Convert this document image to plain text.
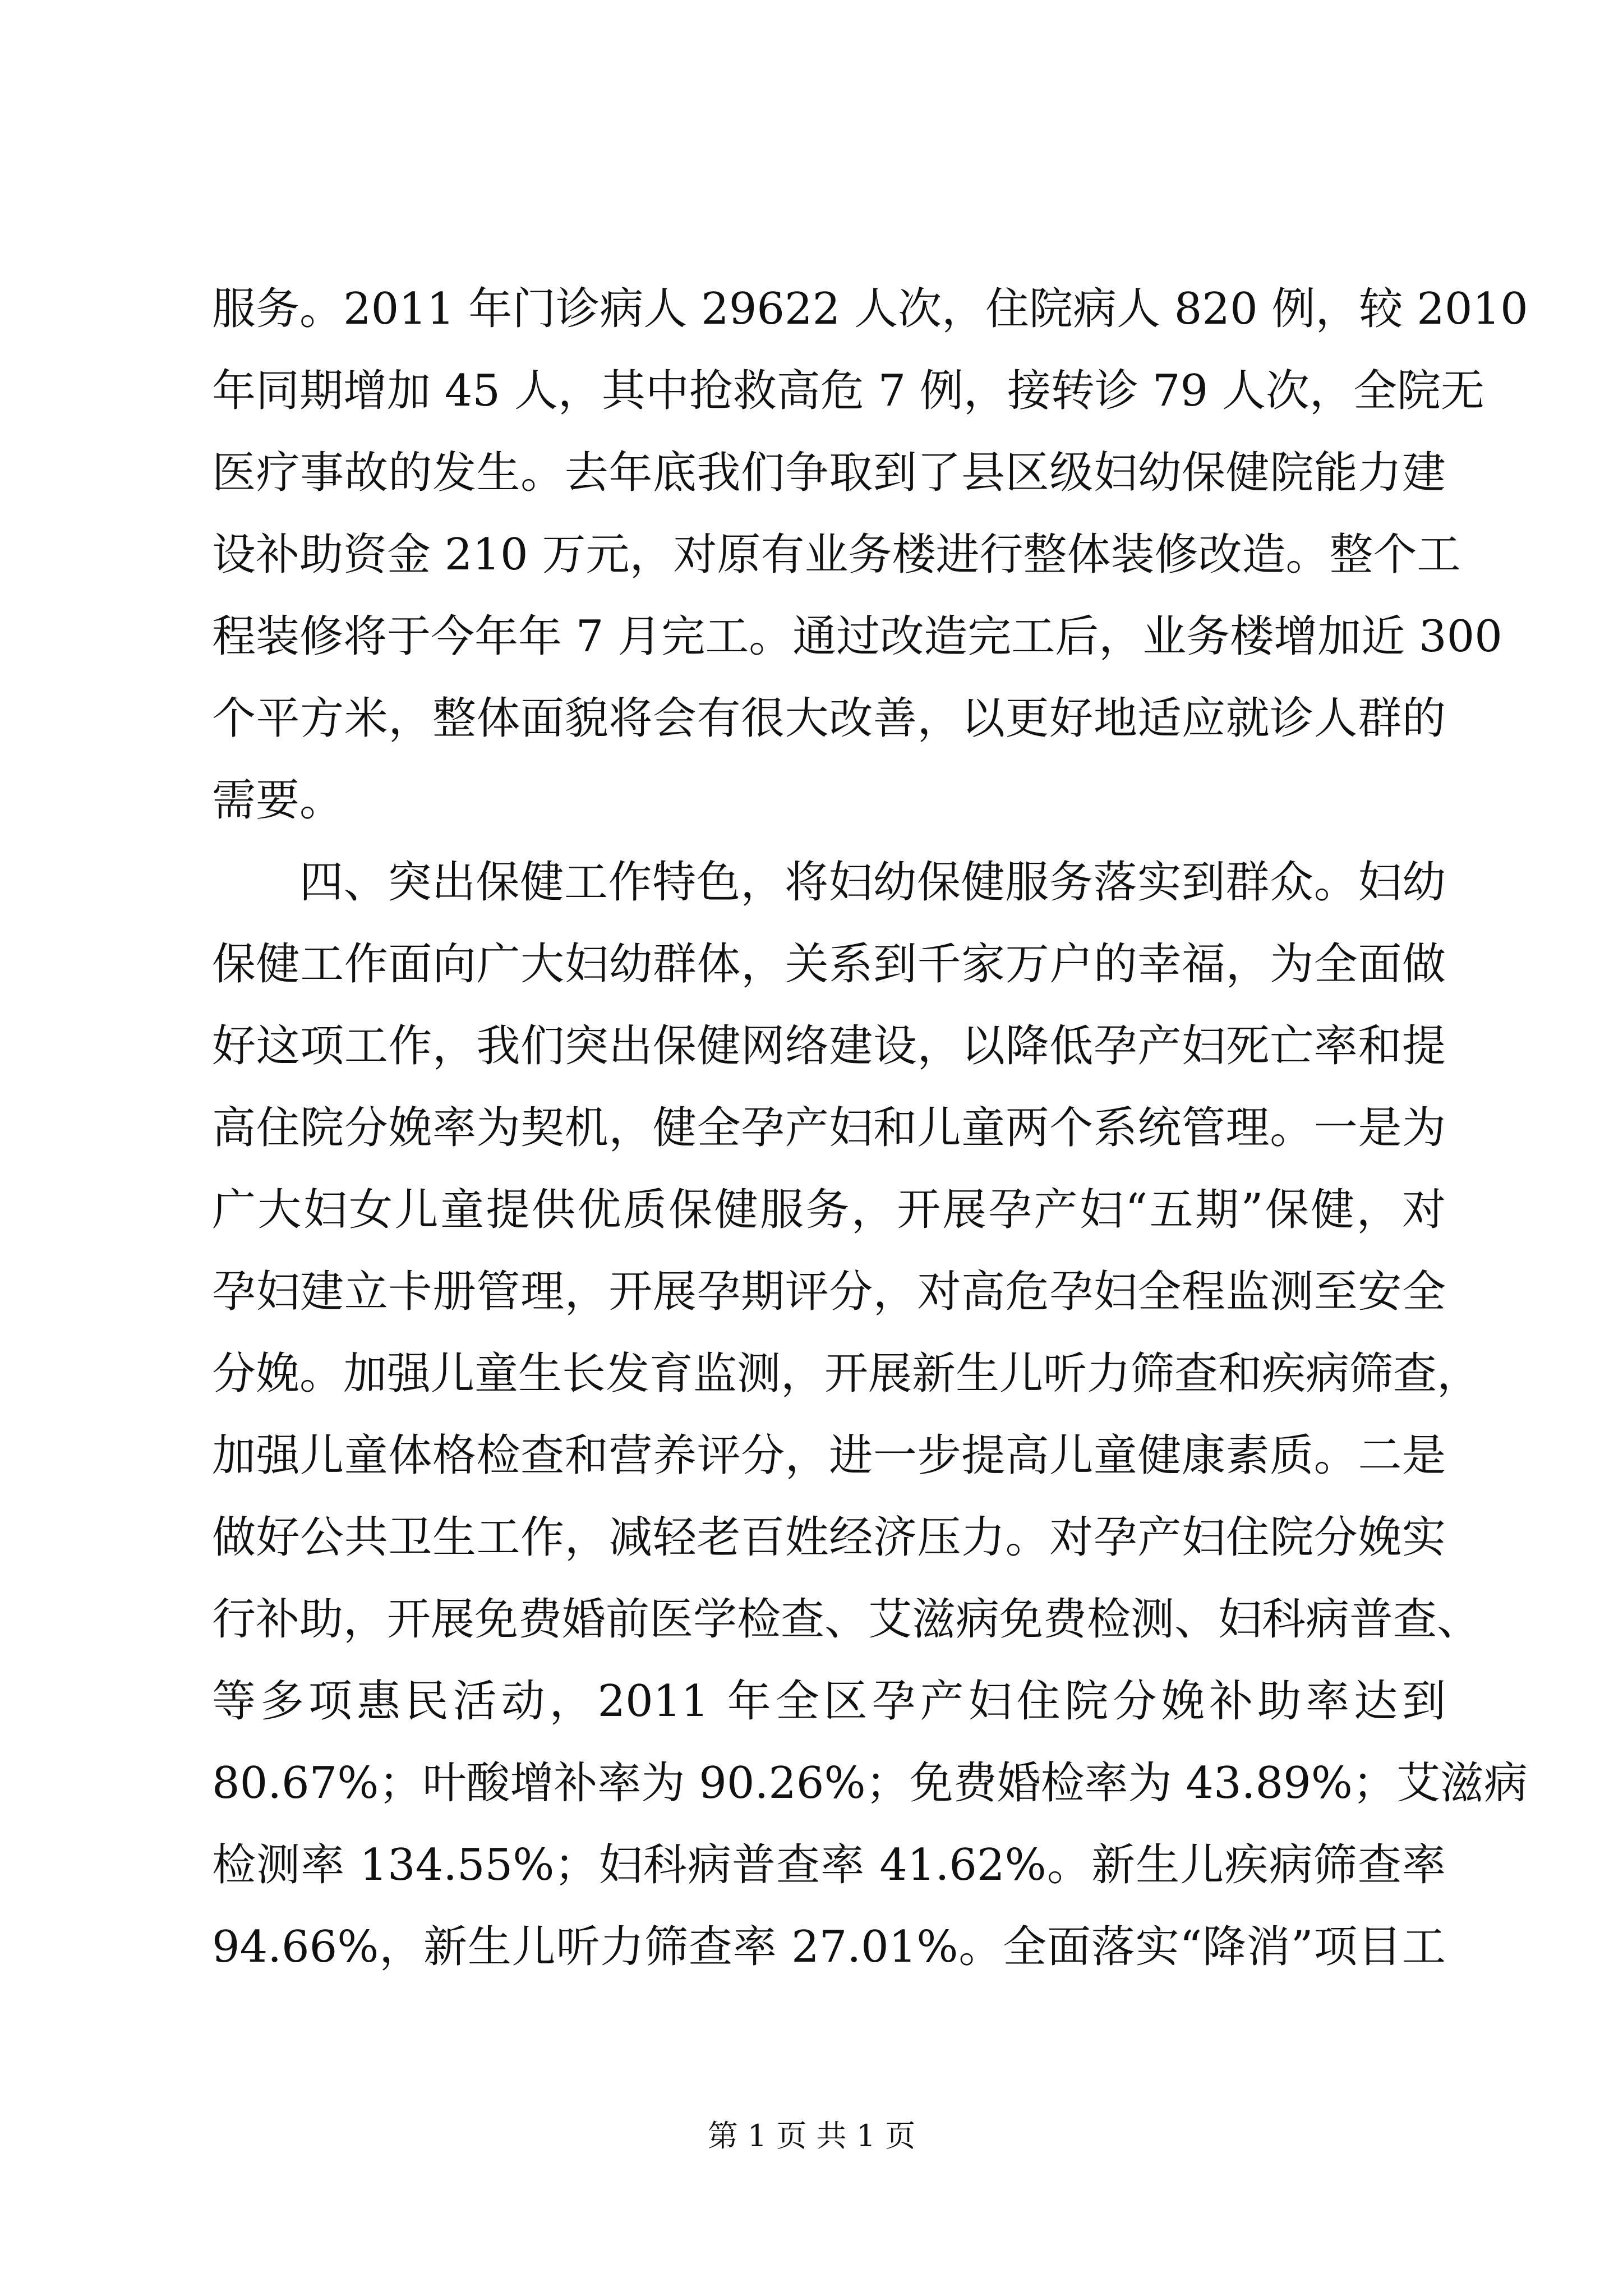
服务。2011 年门诊病人 29622 人次，住院病人 820 例，较 2010
年同期增加 45 人，其中抢救高危 7 例，接转诊 79 人次，全院无
医疗事故的发生。去年底我们争取到了县区级妇幼保健院能力建
设补助资金 210 万元，对原有业务楼进行整体装修改造。整个工
程装修将于今年年 7 月完工。通过改造完工后，业务楼增加近 300
个平方米，整体面貌将会有很大改善，以更好地适应就诊人群的
需要。
四、突出保健工作特色，将妇幼保健服务落实到群众。妇幼
保健工作面向广大妇幼群体，关系到千家万户的幸福，为全面做
好这项工作，我们突出保健网络建设，以降低孕产妇死亡率和提
高住院分娩率为契机，健全孕产妇和儿童两个系统管理。一是为
广大妇女儿童提供优质保健服务，开展孕产妇“五期”保健，对
孕妇建立卡册管理，开展孕期评分，对高危孕妇全程监测至安全
分娩。加强儿童生长发育监测，开展新生儿听力筛查和疾病筛查，
加强儿童体格检查和营养评分，进一步提高儿童健康素质。二是
做好公共卫生工作，减轻老百姓经济压力。对孕产妇住院分娩实
行补助，开展免费婚前医学检查、艾滋病免费检测、妇科病普查、
等多项惠民活动，2011 年全区孕产妇住院分娩补助率达到
80.67%；叶酸增补率为 90.26%；免费婚检率为 43.89%；艾滋病
检测率 134.55%；妇科病普查率 41.62%。新生儿疾病筛查率
94.66%，新生儿听力筛查率 27.01%。全面落实“降消”项目工
第 1 页 共 1 页
